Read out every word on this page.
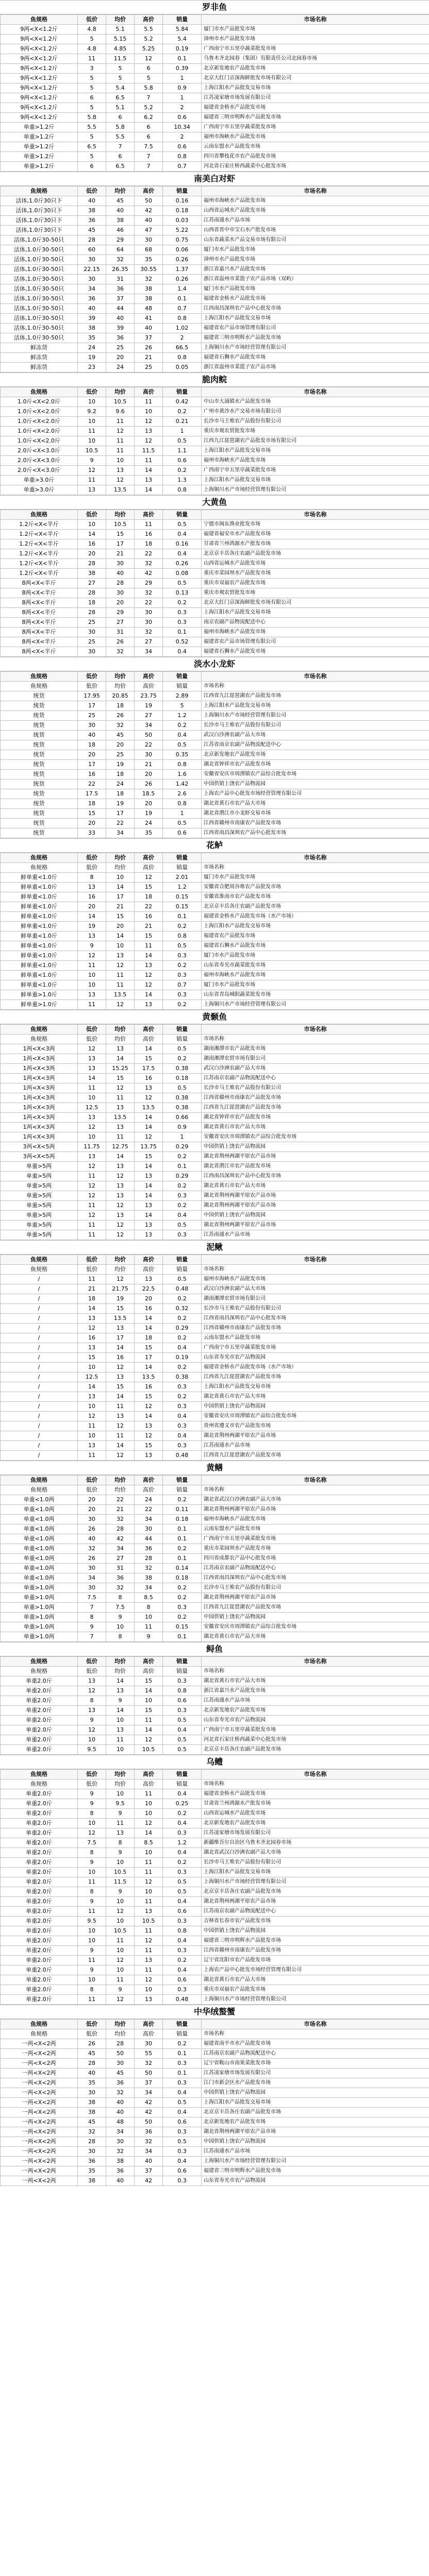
罗非鱼
鱼规格	低价	均价	高价	销量	市场名称
9两<X<1.2斤	4.8	5.1	5.5	5.84	厦门市水产品批发市场
9两<X<1.2斤	5	5.15	5.2	5.4	漳州市水产品批发市场
9两<X<1.2斤	4.8	4.85	5.25	0.19	广西南宁市五里亭蔬菜批发市场
9两<X<1.2斤	11	11.5	12	0.1	乌鲁木齐北园春（集团）有限责任公司北园春市场
9两<X<1.2斤	3	5	6	0.39	北京新发地农产品批发市场
9两<X<1.2斤	5	5	5	1	北京大红门京深海鲜批发市场有限公司
9两<X<1.2斤	5	5.4	5.8	0.9	上海江阳水产品批发交易市场
9两<X<1.2斤	6	6.5	7	1	江苏凌家塘市场发展有限公司
9两<X<1.2斤	5	5.1	5.2	2	福建省金桥水产品批发市场
9两<X<1.2斤	5.8	6	6.2	0.6	福建省三明市明辉水产品批发市场
单重>1.2斤	5.5	5.8	6	10.34	广西南宁市五里亭蔬菜批发市场
单重>1.2斤	5	5.5	6	2	福州市海峡水产品批发市场
单重>1.2斤	6.5	7	7.5	0.6	云南东盟水产品批发市场
单重>1.2斤	5	6	7	0.8	四川省攀枝花市农产品批发市场
单重>1.2斤	6	6.5	7	0.7	河北省石家庄桥西蔬菜中心批发市场
南美白对虾
鱼规格	低价	均价	高价	销量	市场名称
活体,1.0斤30只下	40	45	50	0.16	福州市海峡水产品批发市场
活体,1.0斤30只下	38	40	42	0.18	山西省运城水产品批发市场
活体,1.0斤30只下	36	38	40	0.03	江苏南通水产品市场
活体,1.0斤30只下	45	46	47	5.22	山西省晋中市宝石水产批发市场
活体,1.0斤30-50只	28	29	30	0.75	山东省蔬菜水产品交易市场有限公司
活体,1.0斤30-50只	60	64	68	0.06	厦门市水产品批发市场
活体,1.0斤30-50只	30	32	35	0.26	漳州市水产品批发市场
活体,1.0斤30-50只	22.15	26.35	30.55	1.37	浙江省嘉兴水产品批发市场
活体,1.0斤30-50只	30	31	32	0.26	浙江省温州市菜篮子农产品市场（双屿）
活体,1.0斤30-50只	34	36	38	1.4	厦门市水产品批发市场
活体,1.0斤30-50只	36	37	38	0.1	福建省金桥水产品批发市场
活体,1.0斤30-50只	40	44	48	0.7	江西南昌深圳农产品中心批发市场
活体,1.0斤30-50只	39	40	41	0.8	上海江阳水产品批发交易市场
活体,1.0斤30-50只	38	39	40	1.02	福建省农产品市场管理有限公司
活体,1.0斤30-50只	35	36	37	2	福建省三明市明辉水产品批发市场
鲜冻货	24	25	26	66.5	上海铜川水产市场经营管理有限公司
鲜冻货	19	20	21	0.8	福建省石狮水产品批发市场
鲜冻货	23	24	25	0.05	浙江省温州市菜篮子农产品市场
脆肉鲩
鱼规格	低价	均价	高价	销量	市场名称
1.0斤<X<2.0斤	10	10.5	11	0.42	中山市大涌镇水产品批发市场
1.0斤<X<2.0斤	9.2	9.6	10	0.2	广州市黄沙水产交易市场有限公司
1.0斤<X<2.0斤	10	11	12	0.21	长沙市马王堆农产品股份有限公司
1.0斤<X<2.0斤	11	12	13	1	重庆市观农贸批发市场
1.0斤<X<2.0斤	10	11	12	0.5	江西九江琵琶湖农产品批发市场有限公司
2.0斤<X<3.0斤	10.5	11	11.5	1.1	上海江阳水产品批发交易市场
2.0斤<X<3.0斤	9	10	11	0.6	福州市海峡水产品批发市场
2.0斤<X<3.0斤	12	13	14	0.2	广西南宁市五里亭蔬菜批发市场
单重>3.0斤	11	12	13	1.3	上海江阳水产品批发交易市场
单重>3.0斤	13	13.5	14	0.8	上海铜川水产市场经营管理有限公司
大黄鱼
鱼规格	低价	均价	高价	销量	市场名称
1.2斤<X<半斤	10	10.5	11	0.5	宁德市闽东渔业批发市场
1.2斤<X<半斤	14	15	16	0.4	福建省福安市水产品批发市场
1.2斤<X<半斤	16	17	18	0.16	甘肃省兰州鸿源水产批发市场
1.2斤<X<半斤	20	21	22	0.4	北京京丰岳各庄农副产品批发市场
1.2斤<X<半斤	28	30	32	0.26	山西省运城水产品批发市场
1.2斤<X<半斤	38	40	42	0.08	重庆市菜园坝水产品批发市场
8两<X<半斤	27	28	29	0.5	重庆市双福农产品批发市场
8两<X<半斤	28	30	32	0.13	重庆市观农贸批发市场
8两<X<半斤	18	20	22	0.2	北京大红门京深海鲜批发市场有限公司
8两<X<半斤	28	29	30	0.3	上海江阳水产品批发交易市场
8两<X<半斤	25	27	30	0.3	南京农副产品物流配送中心
8两<X<半斤	30	31	32	0.1	福州市海峡水产品批发市场
8两<X<半斤	25	26	27	0.52	福建省农产品市场管理有限公司
8两<X<半斤	30	32	34	0.4	福建省石狮水产品批发市场
淡水小龙虾
鱼规格	低价	均价	高价	销量	市场名称
鱼规格	低价	均价	高价	销量	市场名称
统货	17.95	20.85	23.75	2.89	江西省九江琵琶湖农产品批发市场
统货	17	18	19	5	上海江阳水产品批发交易市场
统货	25	26	27	1.2	上海铜川水产市场经营管理有限公司
统货	30	32	34	0.2	长沙市马王堆农产品股份有限公司
统货	40	45	50	0.4	武汉白沙洲农副产品大市场
统货	18	20	22	0.5	江苏省南京农副产品物流配送中心
统货	20	25	30	0.35	北京新发地农产品批发市场
统货	17	19	21	0.8	湖北省钟祥市农产品批发市场
统货	16	18	20	1.6	安徽省安庆市周潭镇农产品综合批发市场
统货	22	24	26	1.42	中国供销上饶农产品物流园
统货	17.5	18	18.5	2.6	上海农产品中心批发市场经营管理有限公司
统货	18	19	20	0.8	湖北省黄石市农产品大市场
统货	15	17	19	1	湖北省潜江市小龙虾交易市场
统货	20	22	24	0.5	江西省赣州市南康农产品批发市场
统货	33	34	35	0.6	江西省南昌深圳农产品中心批发市场
花鲈
鱼规格	低价	均价	高价	销量	市场名称
鱼规格	低价	均价	高价	销量	市场名称
鲜单重<1.0斤	8	10	12	2.01	厦门市水产品批发市场
鲜单重<1.0斤	13	14	15	1.2	安徽省合肥周谷堆农产品批发市场
鲜单重<1.0斤	16	17	18	0.15	安徽省淮南市农产品批发市场
鲜单重<1.0斤	20	21	22	0.15	北京京丰岳各庄农副产品批发市场
鲜单重<1.0斤	14	15	16	0.1	福建省金桥水产品批发市场（水产市场）
鲜单重<1.0斤	19	20	21	0.2	上海江阳水产品批发交易市场
鲜单重<1.0斤	13	14	15	0.8	福建省农产品批发市场
鲜单重<1.0斤	9	10	11	0.5	福建省石狮水产品批发市场
鲜单重<1.0斤	12	13	14	0.3	厦门市水产品批发市场
鲜单重<1.0斤	11	12	13	0.2	山东省寿光市蔬菜批发市场
鲜单重<1.0斤	10	11	12	0.3	福州市海峡水产品批发市场
鲜单重<1.0斤	10	11	12	0.7	厦门市水产品批发市场
鲜单重>1.0斤	13	13.5	14	0.3	山东省青岛城阳蔬菜批发市场
鲜单重>1.0斤	11	12	13	0.2	上海铜川水产市场经营管理有限公司
黄颡鱼
鱼规格	低价	均价	高价	销量	市场名称
鱼规格	低价	均价	高价	销量	市场名称
1两<X<3两	12	13	14	0.5	湖南湘潭市农产品批发市场
1两<X<3两	13	14	15	0.2	湖南湘潭农贸市场有限公司
1两<X<3两	13	15.25	17.5	0.38	武汉白沙洲农副产品大市场
1两<X<3两	14	15	16	0.18	江苏南京农副产品物流配送中心
1两<X<3两	11	12	13	0.5	长沙市马王堆农产品股份有限公司
1两<X<3两	10	11	12	0.38	江西省赣州市南康农产品批发市场
1两<X<3两	12.5	13	13.5	0.38	江西省九江琵琶湖农产品批发市场
1两<X<3两	13	13.5	14	0.66	湖北省钟祥市农产品批发市场
1两<X<3两	12	13	14	0.9	湖北省黄石市农产品大市场
1两<X<3两	10	11	12	1	安徽省安庆市周潭镇农产品综合批发市场
3两<X<5两	11.75	12.75	13.75	0.29	中国供销上饶农产品物流园
3两<X<5两	13	14	15	0.2	湖北省荆州两湖平原农产品市场
单重>5两	12	13	14	0.1	湖北省潜江市农产品批发市场
单重>5两	11	12	13	0.29	江西南昌深圳农产品中心批发市场
单重>5两	12	13	14	0.2	湖北省黄石市农产品大市场
单重>5两	12	13	14	0.3	湖北省荆州两湖平原农产品市场
单重>5两	11	12	13	0.2	湖北省荆州两湖平原农产品市场
单重>5两	12	13	14	0.4	中国供销上饶农产品物流园
单重>5两	11	12	13	0.5	湖北省荆州两湖平原农产品市场
单重>5两	11	12	13	0.3	江苏南通水产品市场
泥鳅
鱼规格	低价	均价	高价	销量	市场名称
鱼规格	低价	均价	高价	销量	市场名称
/	11	12	13	0.5	福州市海峡水产品批发市场
/	21	21.75	22.5	0.48	武汉白沙洲农副产品大市场
/	18	19	20	0.2	湖南湘潭农贸市场有限公司
/	14	15	16	0.32	长沙市马王堆农产品股份有限公司
/	13	13.5	14	0.2	江西省南昌深圳农产品中心批发市场
/	12	13	14	0.29	江西省赣州市南康农产品批发市场
/	16	17	18	0.2	云南东盟水产品批发市场
/	13	14	15	0.4	广西南宁市五里亭蔬菜批发市场
/	15	16	17	0.19	山东省寿光市农产品物流园
/	10	12	14	0.2	福建省金桥水产品批发市场（水产市场）
/	12.5	13	13.5	0.38	江西省九江琵琶湖农产品批发市场
/	14	15	16	0.3	上海江阳水产品批发交易市场
/	13	14	15	0.2	湖北省黄石市农产品大市场
/	10	11	12	0.3	中国供销上饶农产品物流园
/	12	13	14	0.4	安徽省安庆市周潭镇农产品综合批发市场
/	11	12	13	0.3	贵州省遵义市农产品批发市场
/	10	11	12	0.4	湖北省荆州两湖平原农产品市场
/	13	14	15	0.3	江苏南通水产品市场
/	11	12	13	0.48	江西省九江琵琶湖农产品批发市场
黄鳝
鱼规格	低价	均价	高价	销量	市场名称
鱼规格	低价	均价	高价	销量	市场名称
单重<1.0两	20	22	24	0.2	湖北省武汉白沙洲农副产品大市场
单重<1.0两	20	21	22	0.11	湖北省荆州两湖平原农产品市场
单重<1.0两	30	32	34	0.18	福州市海峡水产品批发市场
单重<1.0两	26	28	30	0.1	云南东盟水产品批发市场
单重<1.0两	40	42	44	0.1	广西南宁市五里亭蔬菜批发市场
单重<1.0两	32	34	36	0.2	重庆市菜园坝水产品批发市场
单重<1.0两	26	27	28	0.1	四川省成都农产品中心批发市场
单重<1.0两	30	31	32	0.14	江苏南京农副产品物流配送中心
单重<1.0两	34	36	38	0.18	江西省南昌深圳农产品中心批发市场
单重>1.0两	30	32	34	0.2	长沙市马王堆农产品股份有限公司
单重>1.0两	7.5	8	8.5	0.2	湖北省荆州两湖平原农产品市场
单重>1.0两	7	7.5	8	0.3	江西省九江琵琶湖农产品批发市场
单重>1.0两	8	9	10	0.2	中国供销上饶农产品物流园
单重>1.0两	9	10	11	0.15	安徽省安庆市周潭镇农产品综合批发市场
单重>1.0两	7	8	9	0.1	湖北省黄石市农产品大市场
鲟鱼
鱼规格	低价	均价	高价	销量	市场名称
鱼规格	低价	均价	高价	销量	市场名称
单重2.0斤	13	14	15	0.3	湖北省黄石市农产品大市场
单重2.0斤	12	13	14	0.8	浙江省嘉兴水产品批发市场
单重2.0斤	8	9	10	0.6	江苏南通水产品市场
单重2.0斤	13	14	15	0.3	北京新发地农产品批发市场
单重2.0斤	9	10	11	0.5	山东省寿光市农产品物流园
单重2.0斤	12	13	14	0.4	广西南宁市五里亭蔬菜批发市场
单重2.0斤	10	11	12	0.5	河北省石家庄桥西蔬菜中心批发市场
单重2.0斤	9.5	10	10.5	0.5	北京京丰岳各庄农副产品批发市场
乌鳢
鱼规格	低价	均价	高价	销量	市场名称
鱼规格	低价	均价	高价	销量	市场名称
单重2.0斤	9	10	11	0.4	福建省金桥水产品批发市场
单重2.0斤	9	9.5	10	0.25	甘肃省兰州鸿源水产批发市场
单重2.0斤	8	9	10	0.2	山西省运城水产品批发市场
单重2.0斤	10	11	12	0.4	北京新发地农产品批发市场
单重2.0斤	12	13	14	0.3	江苏凌家塘市场发展有限公司
单重2.0斤	7.5	8	8.5	1.2	新疆维吾尔自治区乌鲁木齐北园春市场
单重2.0斤	8	9	10	0.4	湖北省武汉白沙洲农副产品大市场
单重2.0斤	9	10	11	0.2	长沙市马王堆农产品股份有限公司
单重2.0斤	10	10.5	11	0.3	上海江阳水产品批发交易市场
单重2.0斤	11	11.5	12	0.5	上海铜川水产市场经营管理有限公司
单重2.0斤	8	9	10	0.5	北京京丰岳各庄农副产品批发市场
单重2.0斤	9	10	11	0.4	湖北省荆州两湖平原农产品市场
单重2.0斤	11	12	13	0.6	江苏南京农副产品物流配送中心
单重2.0斤	9.5	10	10.5	0.3	吉林省长春市农产品批发市场
单重2.0斤	10	10.5	11	0.8	中国供销上饶农产品物流园
单重2.0斤	10	11	12	0.4	福建省三明市明辉水产品批发市场
单重2.0斤	9	10	11	0.3	江西省赣州市南康农产品批发市场
单重2.0斤	11	12	13	0.2	辽宁省沈阳市农产品批发市场
单重2.0斤	9	10	11	0.4	上海农产品中心批发市场经营管理有限公司
单重2.0斤	10	11	12	0.6	湖北省黄石市农产品大市场
单重2.0斤	8	9	10	0.3	重庆市双福农产品批发市场
单重2.0斤	11	12	13	0.48	上海铜川水产市场经营管理有限公司
中华绒螯蟹
鱼规格	低价	均价	高价	销量	市场名称
鱼规格	低价	均价	高价	销量	市场名称
一两<X<2两	26	28	30	0.2	福建省南平市水产品批发市场
一两<X<2两	45	50	55	0.1	江苏南京农副产品物流配送中心
一两<X<2两	28	30	32	0.3	辽宁省鞍山市南果菜批发市场
一两<X<2两	40	45	50	0.1	江苏凌家塘市场发展有限公司
一两<X<2两	35	36	37	0.3	江门市新会区水产品批发市场
一两<X<2两	30	32	34	0.4	中国供销上饶农产品物流园
一两<X<2两	38	40	42	0.5	上海江阳水产品批发交易市场
一两<X<2两	38	40	42	0.4	北京京丰岳各庄农副产品批发市场
一两<X<2两	45	48	50	0.6	北京新发地农产品批发市场
一两<X<2两	32	34	36	0.3	湖北省荆州两湖平原农产品市场
一两<X<2两	28	30	32	0.5	中国供销上饶农产品物流园
一两<X<2两	30	32	34	0.3	江苏南通水产品市场
一两<X<2两	36	38	40	0.4	上海铜川水产市场经营管理有限公司
一两<X<2两	35	36	37	0.6	福建省三明市明辉水产品批发市场
一两<X<2两	38	40	42	0.3	山东省寿光市农产品物流园
